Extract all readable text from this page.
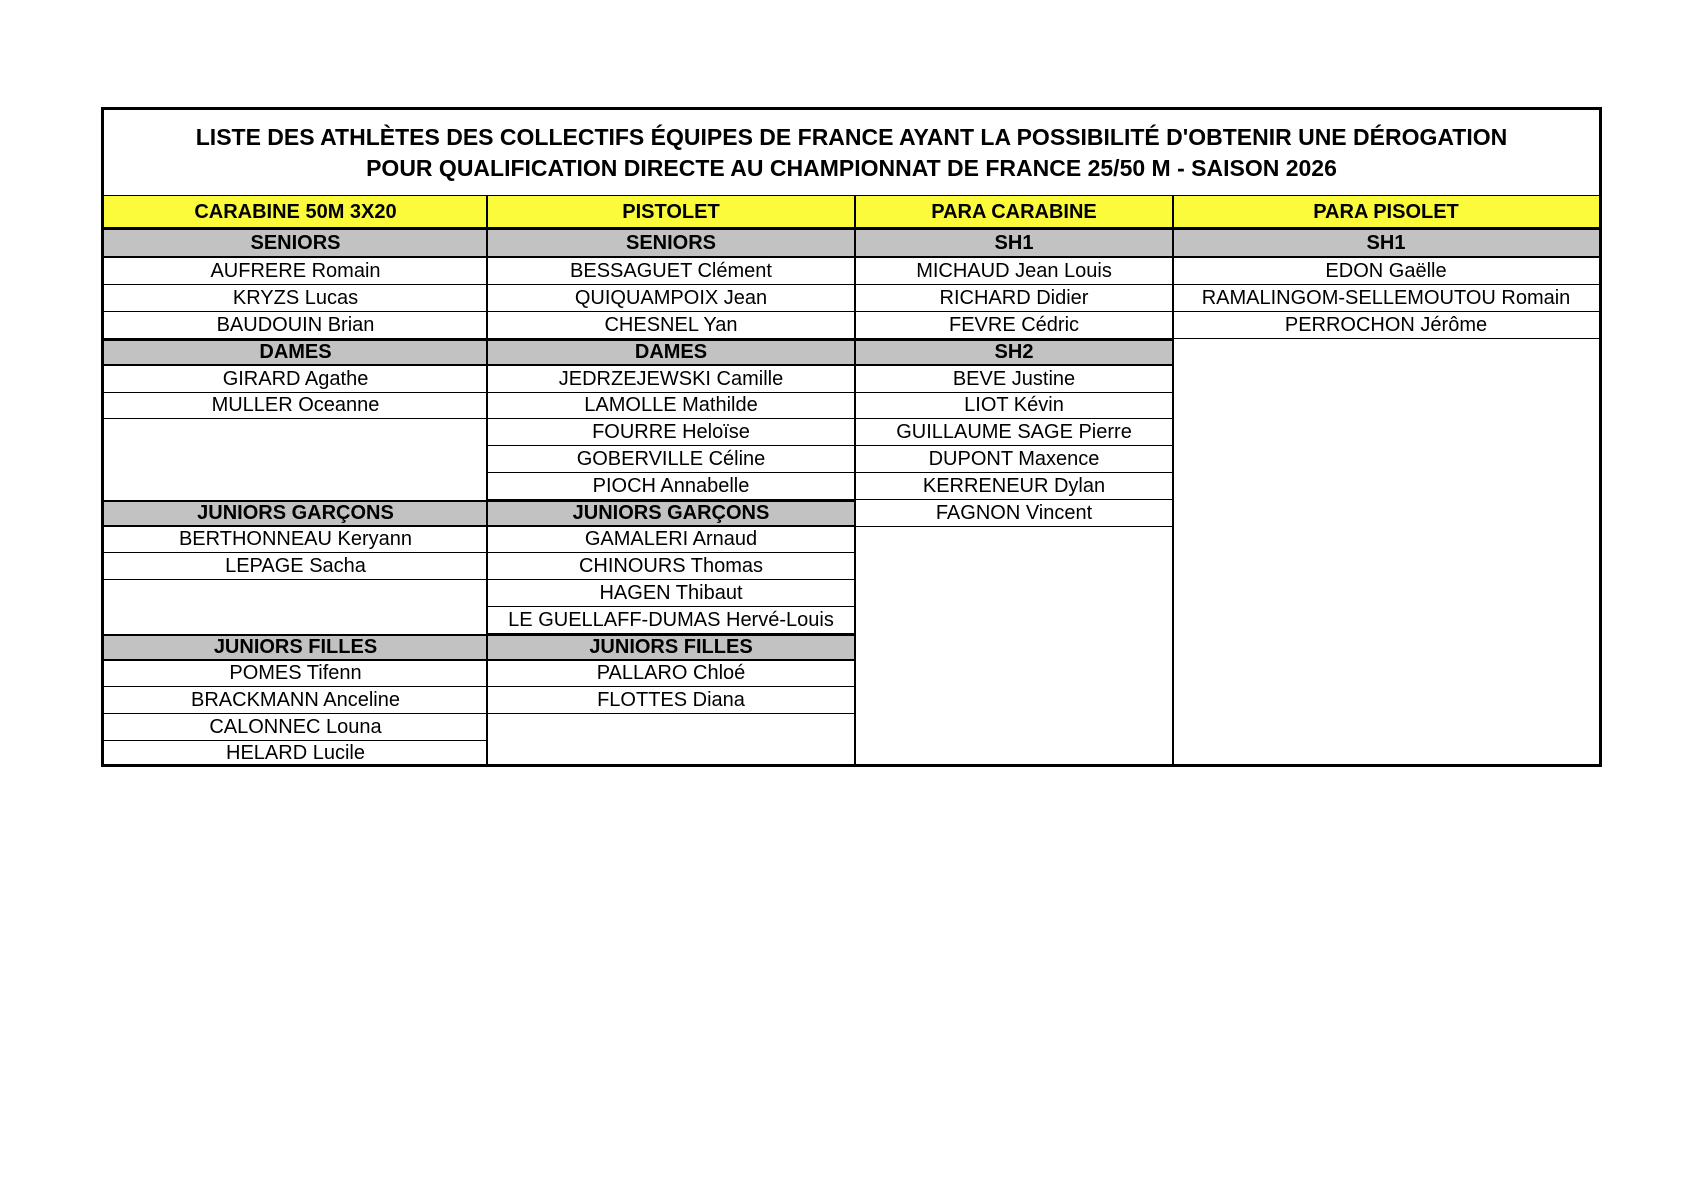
LISTE DES ATHLÈTES DES COLLECTIFS ÉQUIPES DE FRANCE AYANT LA POSSIBILITÉ D'OBTENIR UNE DÉROGATION
POUR QUALIFICATION DIRECTE AU CHAMPIONNAT DE FRANCE 25/50 M - SAISON 2026
CARABINE 50M 3X20
SENIORS
AUFRERE Romain
KRYZS Lucas
BAUDOUIN Brian
DAMES
GIRARD Agathe
MULLER Oceanne
JUNIORS GARÇONS
BERTHONNEAU Keryann
LEPAGE Sacha
JUNIORS FILLES
POMES Tifenn
BRACKMANN Anceline
CALONNEC Louna
HELARD Lucile
PISTOLET
SENIORS
BESSAGUET Clément
QUIQUAMPOIX Jean
CHESNEL Yan
DAMES
JEDRZEJEWSKI Camille
LAMOLLE Mathilde
FOURRE Heloïse
GOBERVILLE Céline
PIOCH Annabelle
JUNIORS GARÇONS
GAMALERI Arnaud
CHINOURS Thomas
HAGEN Thibaut
LE GUELLAFF-DUMAS Hervé-Louis
JUNIORS FILLES
PALLARO Chloé
FLOTTES Diana
PARA CARABINE
SH1
MICHAUD Jean Louis
RICHARD Didier
FEVRE Cédric
SH2
BEVE Justine
LIOT Kévin
GUILLAUME SAGE Pierre
DUPONT Maxence
KERRENEUR Dylan
FAGNON Vincent
PARA PISOLET
SH1
EDON Gaëlle
RAMALINGOM-SELLEMOUTOU Romain
PERROCHON Jérôme
